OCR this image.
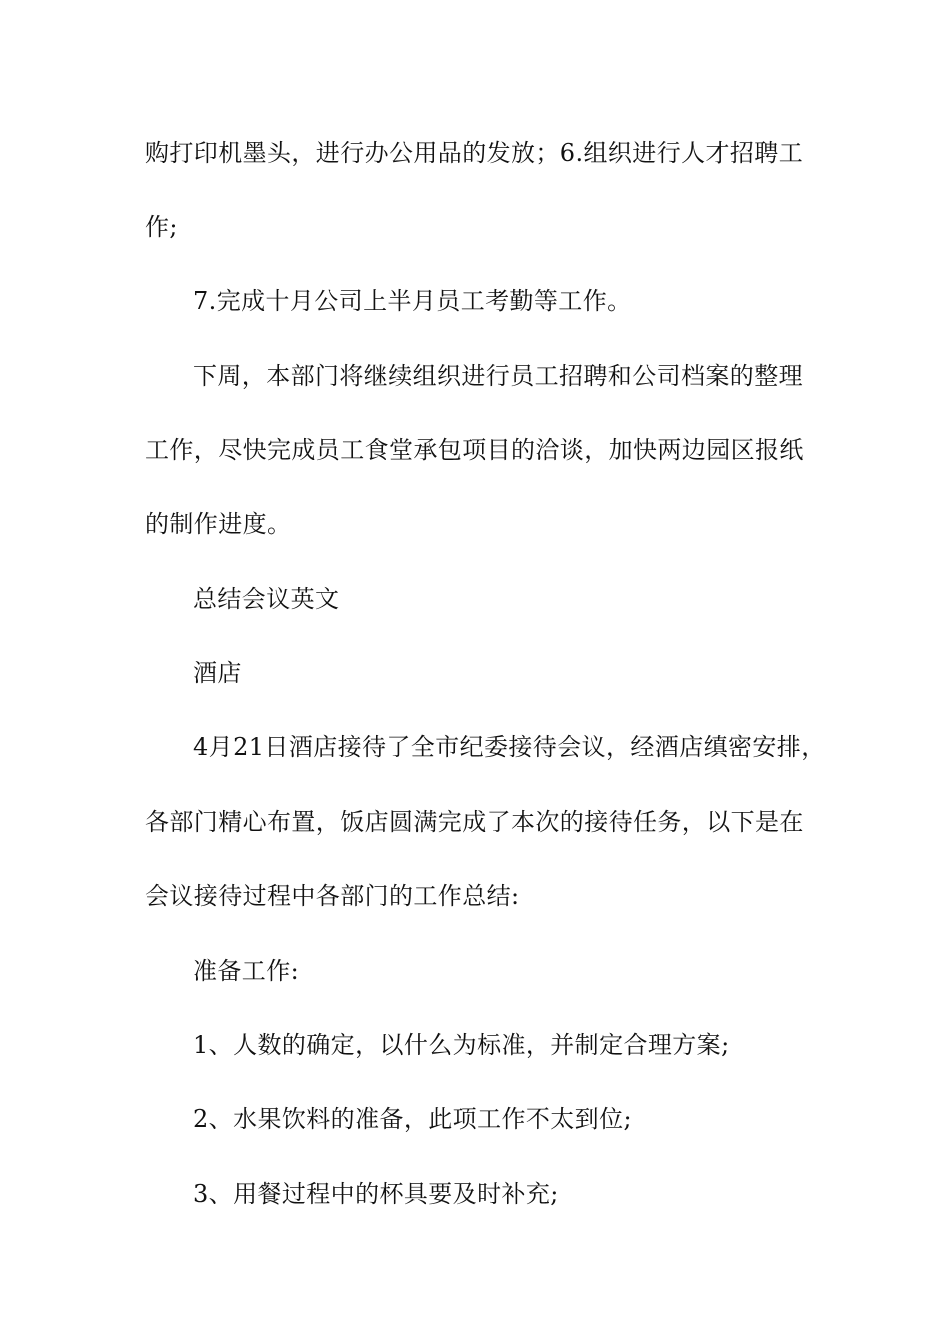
购打印机墨头，进行办公用品的发放；6.组织进行人才招聘工
作;
7.完成十月公司上半月员工考勤等工作。
下周，本部门将继续组织进行员工招聘和公司档案的整理
工作，尽快完成员工食堂承包项目的洽谈，加快两边园区报纸
的制作进度。
总结会议英文
酒店
4月21日酒店接待了全市纪委接待会议，经酒店缜密安排，
各部门精心布置，饭店圆满完成了本次的接待任务，以下是在
会议接待过程中各部门的工作总结:
准备工作:
1、人数的确定，以什么为标准，并制定合理方案;
2、水果饮料的准备，此项工作不太到位;
3、用餐过程中的杯具要及时补充;
